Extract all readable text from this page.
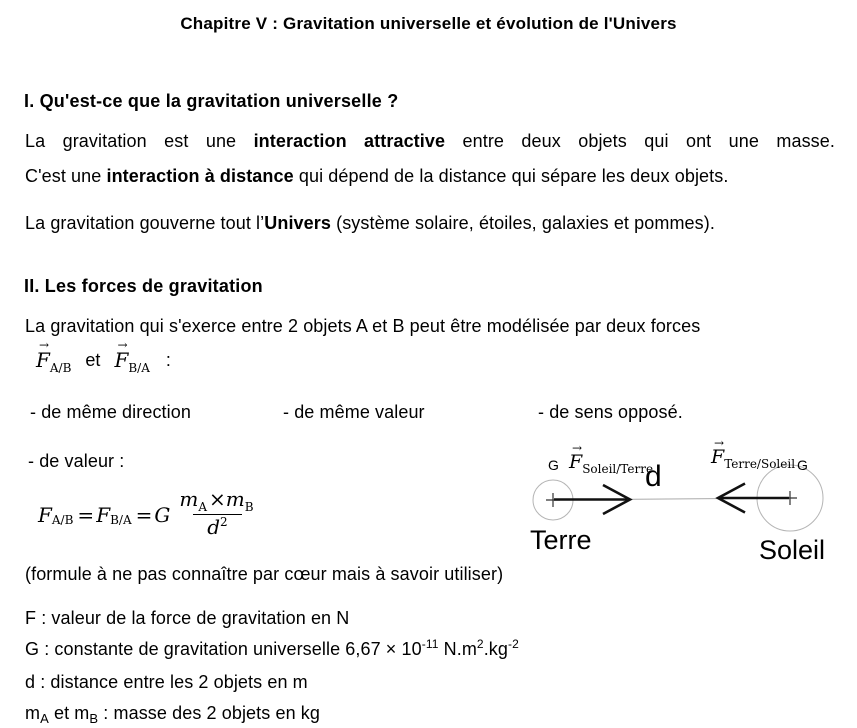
Chapitre V : Gravitation universelle et évolution de l'Univers
I. Qu'est-ce que la gravitation universelle ?
La gravitation est une interaction attractive entre deux objets qui ont une masse.
C'est une interaction à distance qui dépend de la distance qui sépare les deux objets.
La gravitation gouverne tout l’Univers (système solaire, étoiles, galaxies et pommes).
II. Les forces de gravitation
La gravitation qui s'exerce entre 2 objets A et B peut être modélisée par deux forces
→
$F_{A/B}$ et
→
$F_{B/A}$ :
- de même direction	- de même valeur	- de sens opposé.
- de valeur :
F A/B = F B/A = G $\frac{m_A \times m_B}{d^2}$
(formule à ne pas connaître par cœur mais à savoir utiliser)
F : valeur de la force de gravitation en N
G : constante de gravitation universelle $6,67 \times 10^{-11}$ $N.m^2.kg^{-2}$
d : distance entre les 2 objets en m
$m_A$ et $m_B$ : masse des 2 objets en kg
G
→
$F_{Soleil/Terre}$
d
→
$F_{Terre/Soleil}$ G
Terre	Soleil
